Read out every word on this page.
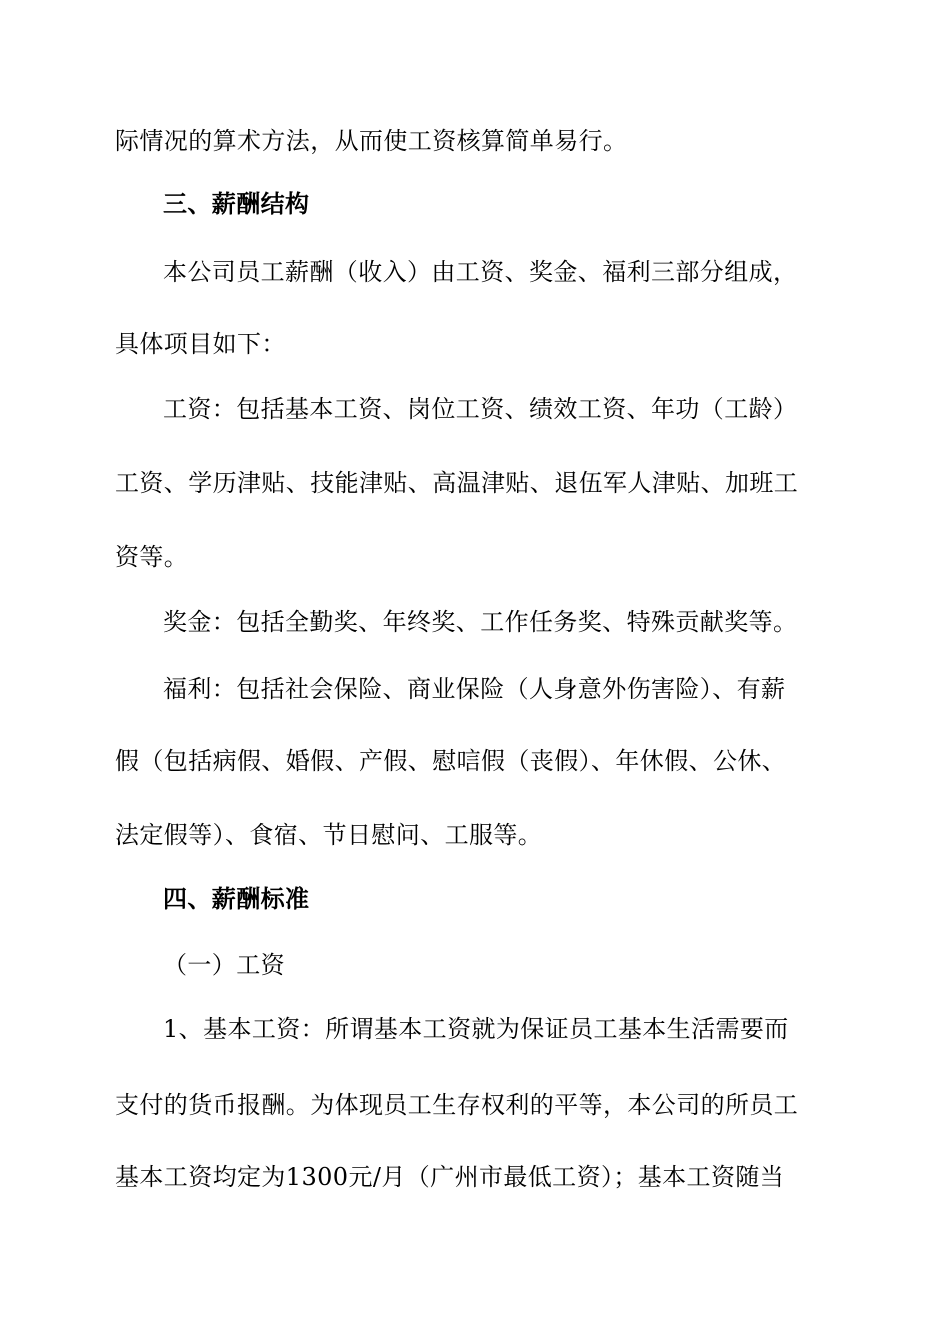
际情况的算术方法，从而使工资核算简单易行。
三、薪酬结构
本公司员工薪酬（收入）由工资、奖金、福利三部分组成，
具体项目如下：
工资：包括基本工资、岗位工资、绩效工资、年功（工龄）
工资、学历津贴、技能津贴、高温津贴、退伍军人津贴、加班工
资等。
奖金：包括全勤奖、年终奖、工作任务奖、特殊贡献奖等。
福利：包括社会保险、商业保险（人身意外伤害险）、有薪
假（包括病假、婚假、产假、慰唁假（丧假）、年休假、公休、
法定假等）、食宿、节日慰问、工服等。
四、薪酬标准
（一）工资
1、基本工资：所谓基本工资就为保证员工基本生活需要而
支付的货币报酬。为体现员工生存权利的平等，本公司的所员工
基本工资均定为1300元/月（广州市最低工资）；基本工资随当
